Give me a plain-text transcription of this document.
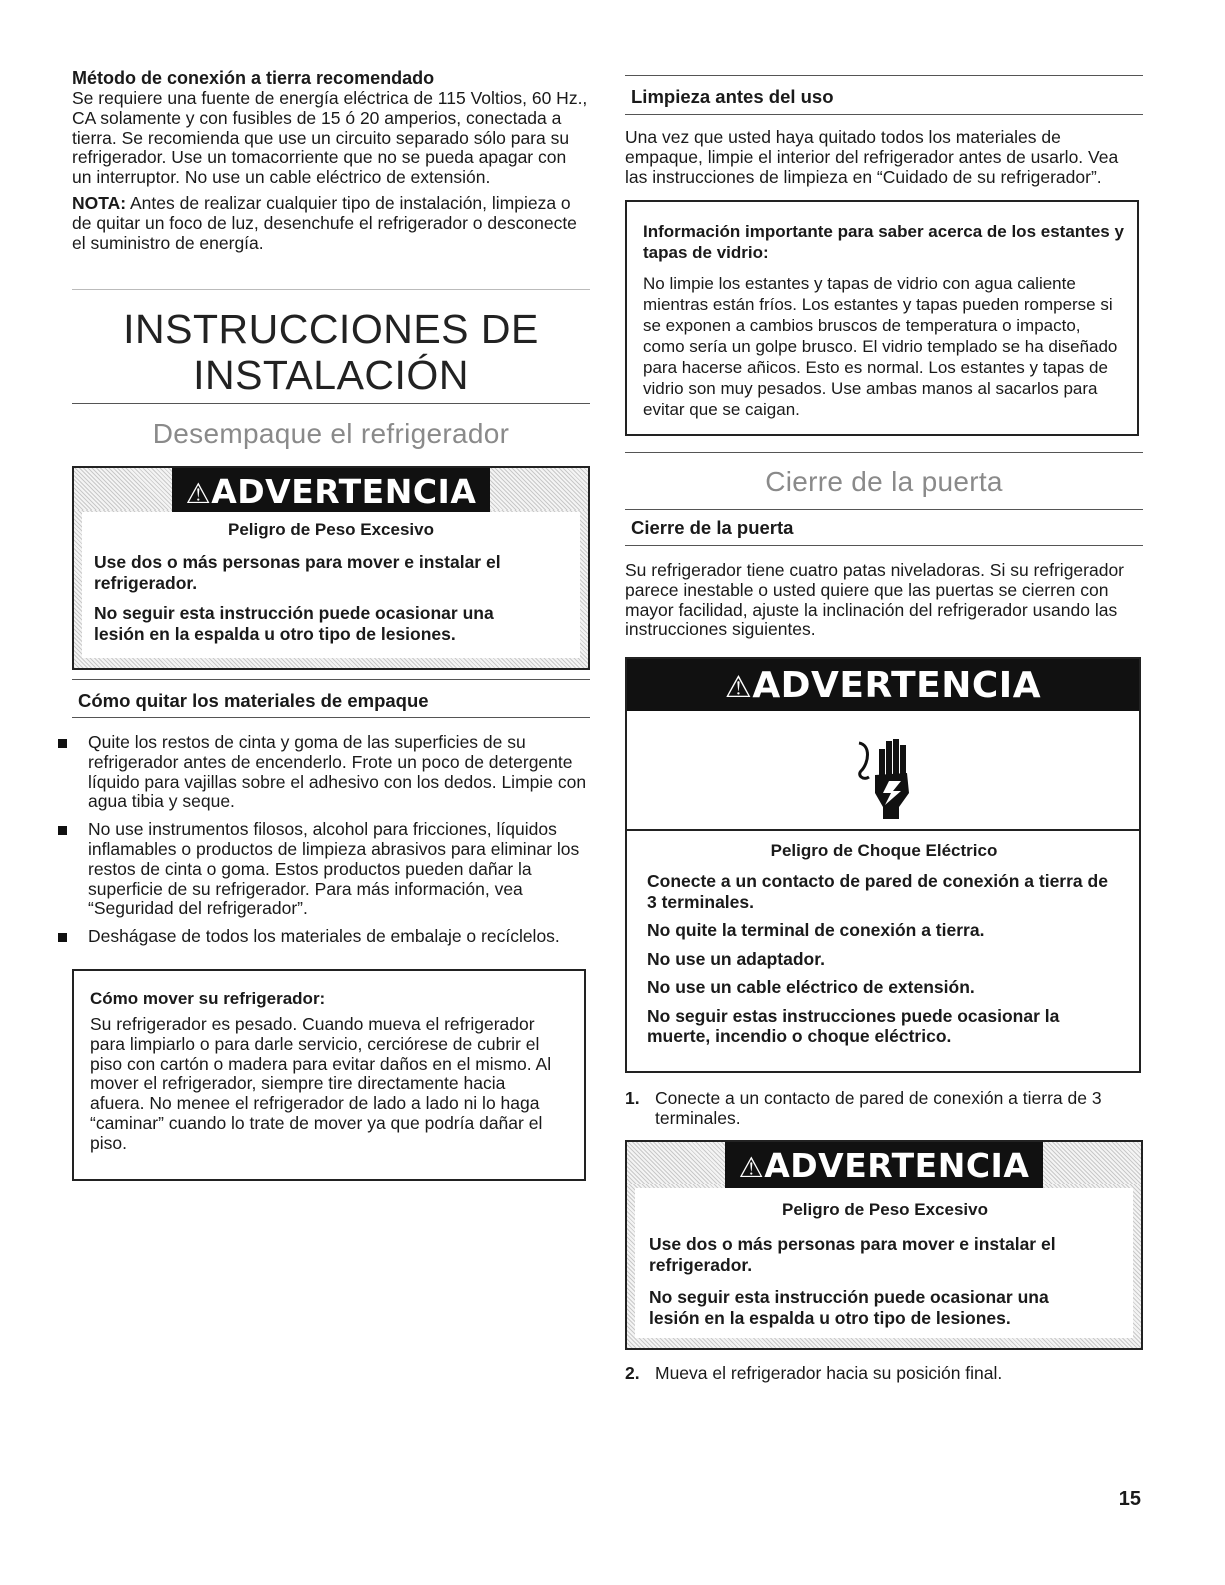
Método de conexión a tierra recomendado

Se requiere una fuente de energía eléctrica de 115 Voltios, 60 Hz., CA solamente y con fusibles de 15 ó 20 amperios, conectada a tierra. Se recomienda que use un circuito separado sólo para su refrigerador. Use un tomacorriente que no se pueda apagar con un interruptor. No use un cable eléctrico de extensión.

NOTA: Antes de realizar cualquier tipo de instalación, limpieza o de quitar un foco de luz, desenchufe el refrigerador o desconecte el suministro de energía.

INSTRUCCIONES DE
INSTALACIÓN
Desempaque el refrigerador
⚠ADVERTENCIA

Peligro de Peso Excesivo

Use dos o más personas para mover e instalar el refrigerador.

No seguir esta instrucción puede ocasionar una lesión en la espalda u otro tipo de lesiones.

Cómo quitar los materiales de empaque

Quite los restos de cinta y goma de las superficies de su refrigerador antes de encenderlo. Frote un poco de detergente líquido para vajillas sobre el adhesivo con los dedos. Limpie con agua tibia y seque.
No use instrumentos filosos, alcohol para fricciones, líquidos inflamables o productos de limpieza abrasivos para eliminar los restos de cinta o goma. Estos productos pueden dañar la superficie de su refrigerador. Para más información, vea “Seguridad del refrigerador”.
Deshágase de todos los materiales de embalaje o recíclelos.

Cómo mover su refrigerador:

Su refrigerador es pesado. Cuando mueva el refrigerador para limpiarlo o para darle servicio, cerciórese de cubrir el piso con cartón o madera para evitar daños en el mismo. Al mover el refrigerador, siempre tire directamente hacia afuera. No menee el refrigerador de lado a lado ni lo haga “caminar” cuando lo trate de mover ya que podría dañar el piso.

Limpieza antes del uso

Una vez que usted haya quitado todos los materiales de empaque, limpie el interior del refrigerador antes de usarlo. Vea las instrucciones de limpieza en “Cuidado de su refrigerador”.

Información importante para saber acerca de los estantes y tapas de vidrio:

No limpie los estantes y tapas de vidrio con agua caliente mientras están fríos. Los estantes y tapas pueden romperse si se exponen a cambios bruscos de temperatura o impacto, como sería un golpe brusco. El vidrio templado se ha diseñado para hacerse añicos. Esto es normal. Los estantes y tapas de vidrio son muy pesados. Use ambas manos al sacarlos para evitar que se caigan.

Cierre de la puerta

Cierre de la puerta

Su refrigerador tiene cuatro patas niveladoras. Si su refrigerador parece inestable o usted quiere que las puertas se cierren con mayor facilidad, ajuste la inclinación del refrigerador usando las instrucciones siguientes.

⚠ADVERTENCIA

Peligro de Choque Eléctrico

Conecte a un contacto de pared de conexión a tierra de 3 terminales.

No quite la terminal de conexión a tierra.

No use un adaptador.

No use un cable eléctrico de extensión.

No seguir estas instrucciones puede ocasionar la muerte, incendio o choque eléctrico.

1. Conecte a un contacto de pared de conexión a tierra de 3 terminales.
⚠ADVERTENCIA

Peligro de Peso Excesivo

Use dos o más personas para mover e instalar el refrigerador.

No seguir esta instrucción puede ocasionar una lesión en la espalda u otro tipo de lesiones.

2. Mueva el refrigerador hacia su posición final.
15
